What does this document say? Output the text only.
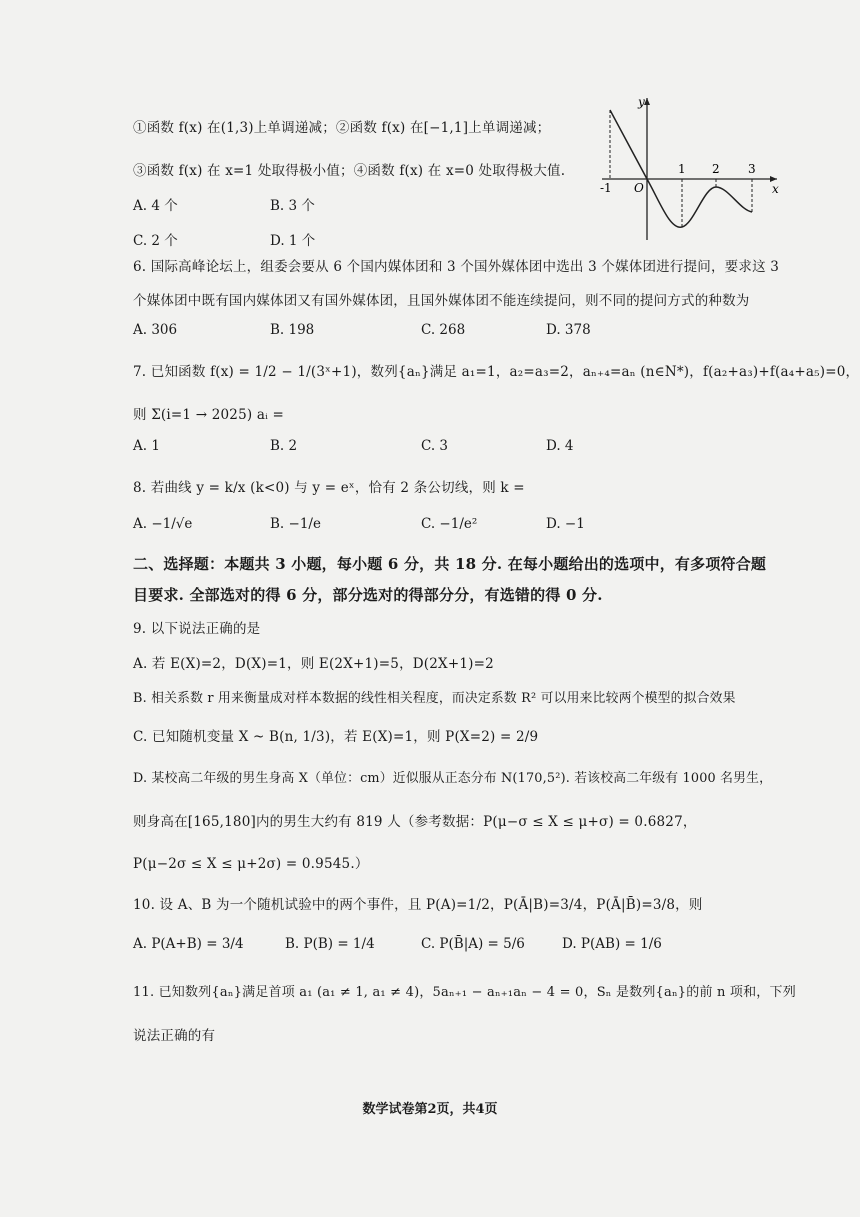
①函数 f(x) 在(1,3)上单调递减；②函数 f(x) 在[−1,1]上单调递减；
③函数 f(x) 在 x=1 处取得极小值；④函数 f(x) 在 x=0 处取得极大值.
A. 4 个	B. 3 个
C. 2 个	D. 1 个
y
x
O
-1
1 2 3
6. 国际高峰论坛上，组委会要从 6 个国内媒体团和 3 个国外媒体团中选出 3 个媒体团进行提问，要求这 3
个媒体团中既有国内媒体团又有国外媒体团，且国外媒体团不能连续提问，则不同的提问方式的种数为
A. 306	B. 198	C. 268	D. 378
7. 已知函数 f(x) = 1/2 − 1/(3ˣ+1)，数列{aₙ}满足 a₁=1，a₂=a₃=2，aₙ₊₄=aₙ (n∈N*)，f(a₂+a₃)+f(a₄+a₅)=0，
则 Σ(i=1 → 2025) aᵢ =
A. 1	B. 2	C. 3	D. 4
8. 若曲线 y = k/x (k<0) 与 y = eˣ，恰有 2 条公切线，则 k =
A. −1/√e	B. −1/e	C. −1/e²	D. −1
二、选择题：本题共 3 小题，每小题 6 分，共 18 分. 在每小题给出的选项中，有多项符合题
目要求. 全部选对的得 6 分，部分选对的得部分分，有选错的得 0 分.
9. 以下说法正确的是
A. 若 E(X)=2，D(X)=1，则 E(2X+1)=5，D(2X+1)=2
B. 相关系数 r 用来衡量成对样本数据的线性相关程度，而决定系数 R² 可以用来比较两个模型的拟合效果
C. 已知随机变量 X ~ B(n, 1/3)，若 E(X)=1，则 P(X=2) = 2/9
D. 某校高二年级的男生身高 X（单位：cm）近似服从正态分布 N(170,5²). 若该校高二年级有 1000 名男生，
则身高在[165,180]内的男生大约有 819 人（参考数据：P(μ−σ ≤ X ≤ μ+σ) = 0.6827，
P(μ−2σ ≤ X ≤ μ+2σ) = 0.9545.）
10. 设 A、B 为一个随机试验中的两个事件，且 P(A)=1/2，P(Ā|B)=3/4，P(Ā|B̄)=3/8，则
A. P(A+B) = 3/4	B. P(B) = 1/4	C. P(B̄|A) = 5/6	D. P(AB) = 1/6
11. 已知数列{aₙ}满足首项 a₁ (a₁ ≠ 1, a₁ ≠ 4)，5aₙ₊₁ − aₙ₊₁aₙ − 4 = 0，Sₙ 是数列{aₙ}的前 n 项和，下列
说法正确的有
数学试卷第2页，共4页
